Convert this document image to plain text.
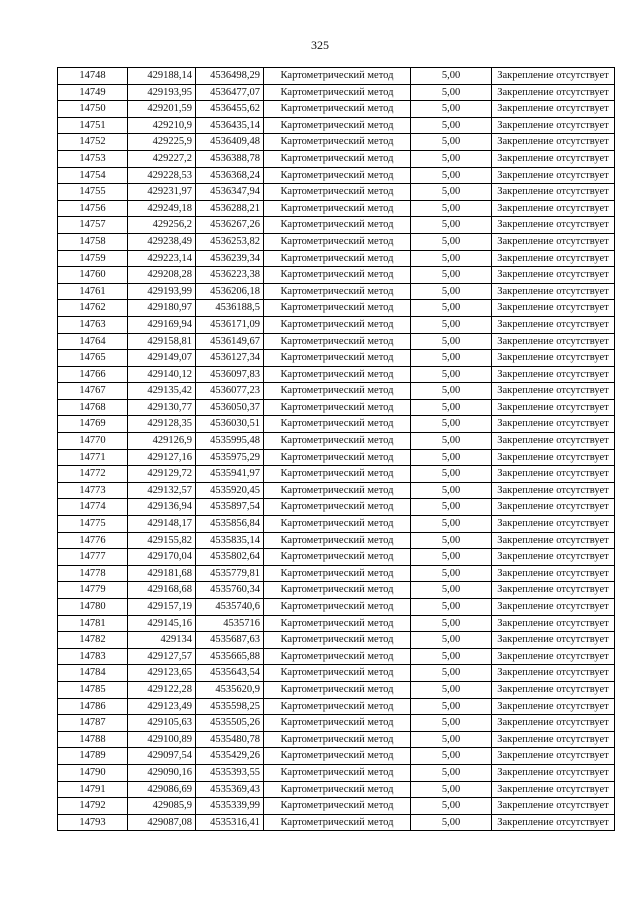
325
14748	429188,14	4536498,29	Картометрический метод	5,00	Закрепление отсутствует
14749	429193,95	4536477,07	Картометрический метод	5,00	Закрепление отсутствует
14750	429201,59	4536455,62	Картометрический метод	5,00	Закрепление отсутствует
14751	429210,9	4536435,14	Картометрический метод	5,00	Закрепление отсутствует
14752	429225,9	4536409,48	Картометрический метод	5,00	Закрепление отсутствует
14753	429227,2	4536388,78	Картометрический метод	5,00	Закрепление отсутствует
14754	429228,53	4536368,24	Картометрический метод	5,00	Закрепление отсутствует
14755	429231,97	4536347,94	Картометрический метод	5,00	Закрепление отсутствует
14756	429249,18	4536288,21	Картометрический метод	5,00	Закрепление отсутствует
14757	429256,2	4536267,26	Картометрический метод	5,00	Закрепление отсутствует
14758	429238,49	4536253,82	Картометрический метод	5,00	Закрепление отсутствует
14759	429223,14	4536239,34	Картометрический метод	5,00	Закрепление отсутствует
14760	429208,28	4536223,38	Картометрический метод	5,00	Закрепление отсутствует
14761	429193,99	4536206,18	Картометрический метод	5,00	Закрепление отсутствует
14762	429180,97	4536188,5	Картометрический метод	5,00	Закрепление отсутствует
14763	429169,94	4536171,09	Картометрический метод	5,00	Закрепление отсутствует
14764	429158,81	4536149,67	Картометрический метод	5,00	Закрепление отсутствует
14765	429149,07	4536127,34	Картометрический метод	5,00	Закрепление отсутствует
14766	429140,12	4536097,83	Картометрический метод	5,00	Закрепление отсутствует
14767	429135,42	4536077,23	Картометрический метод	5,00	Закрепление отсутствует
14768	429130,77	4536050,37	Картометрический метод	5,00	Закрепление отсутствует
14769	429128,35	4536030,51	Картометрический метод	5,00	Закрепление отсутствует
14770	429126,9	4535995,48	Картометрический метод	5,00	Закрепление отсутствует
14771	429127,16	4535975,29	Картометрический метод	5,00	Закрепление отсутствует
14772	429129,72	4535941,97	Картометрический метод	5,00	Закрепление отсутствует
14773	429132,57	4535920,45	Картометрический метод	5,00	Закрепление отсутствует
14774	429136,94	4535897,54	Картометрический метод	5,00	Закрепление отсутствует
14775	429148,17	4535856,84	Картометрический метод	5,00	Закрепление отсутствует
14776	429155,82	4535835,14	Картометрический метод	5,00	Закрепление отсутствует
14777	429170,04	4535802,64	Картометрический метод	5,00	Закрепление отсутствует
14778	429181,68	4535779,81	Картометрический метод	5,00	Закрепление отсутствует
14779	429168,68	4535760,34	Картометрический метод	5,00	Закрепление отсутствует
14780	429157,19	4535740,6	Картометрический метод	5,00	Закрепление отсутствует
14781	429145,16	4535716	Картометрический метод	5,00	Закрепление отсутствует
14782	429134	4535687,63	Картометрический метод	5,00	Закрепление отсутствует
14783	429127,57	4535665,88	Картометрический метод	5,00	Закрепление отсутствует
14784	429123,65	4535643,54	Картометрический метод	5,00	Закрепление отсутствует
14785	429122,28	4535620,9	Картометрический метод	5,00	Закрепление отсутствует
14786	429123,49	4535598,25	Картометрический метод	5,00	Закрепление отсутствует
14787	429105,63	4535505,26	Картометрический метод	5,00	Закрепление отсутствует
14788	429100,89	4535480,78	Картометрический метод	5,00	Закрепление отсутствует
14789	429097,54	4535429,26	Картометрический метод	5,00	Закрепление отсутствует
14790	429090,16	4535393,55	Картометрический метод	5,00	Закрепление отсутствует
14791	429086,69	4535369,43	Картометрический метод	5,00	Закрепление отсутствует
14792	429085,9	4535339,99	Картометрический метод	5,00	Закрепление отсутствует
14793	429087,08	4535316,41	Картометрический метод	5,00	Закрепление отсутствует
